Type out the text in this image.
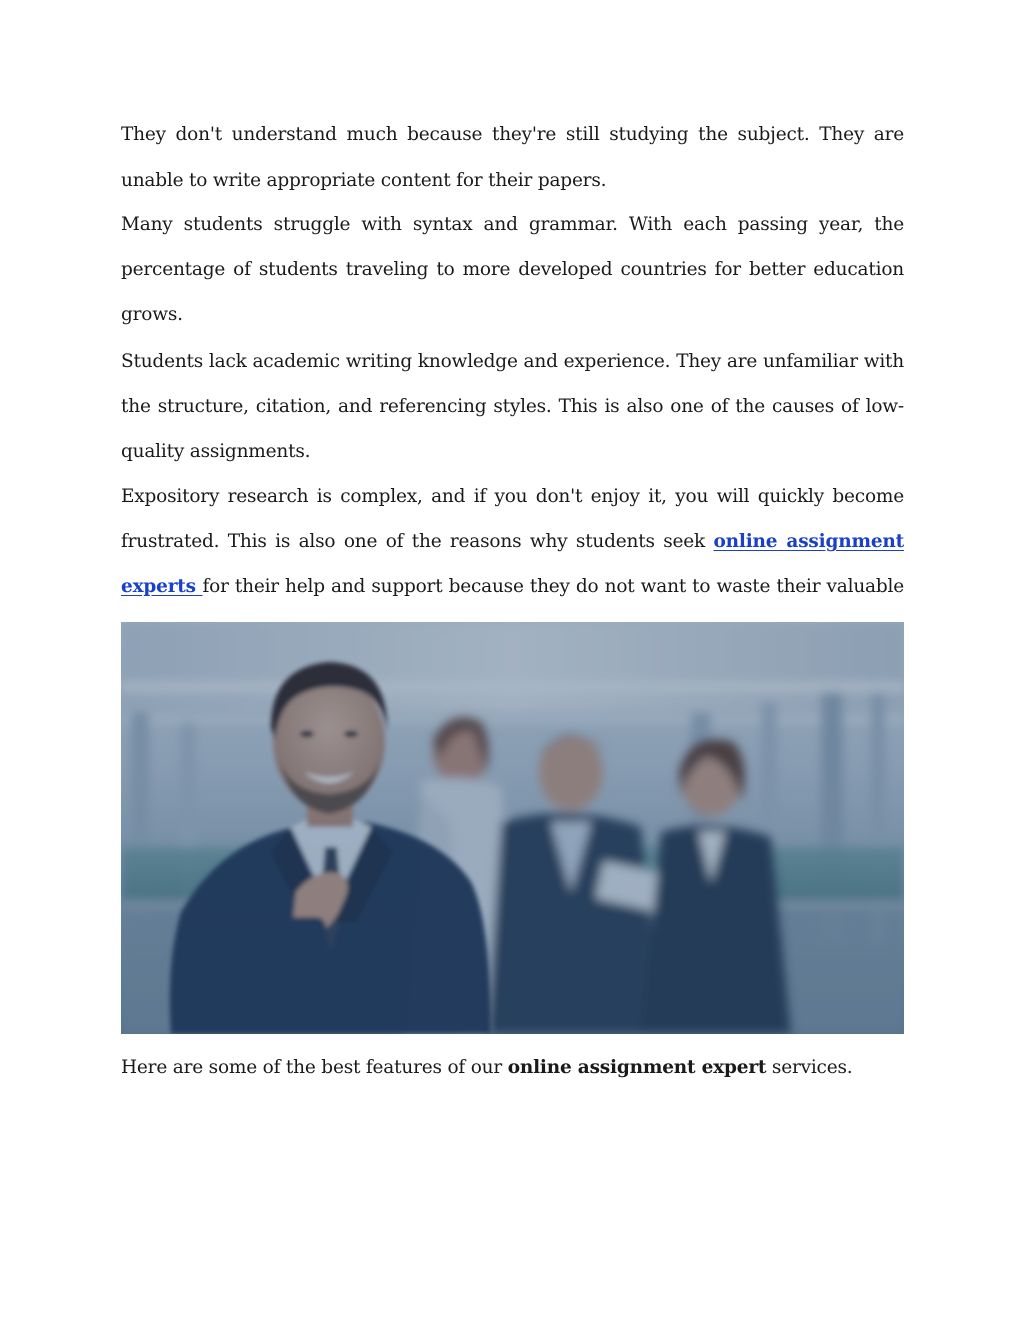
They don't understand much because they're still studying the subject. They are unable to write appropriate content for their papers.

Many students struggle with syntax and grammar. With each passing year, the percentage of students traveling to more developed countries for better education grows.

Students lack academic writing knowledge and experience. They are unfamiliar with the structure, citation, and referencing styles. This is also one of the causes of low-quality assignments.

Expository research is complex, and if you don't enjoy it, you will quickly become frustrated. This is also one of the reasons why students seek online assignment experts for their help and support because they do not want to waste their valuable

Here are some of the best features of our online assignment expert services.
